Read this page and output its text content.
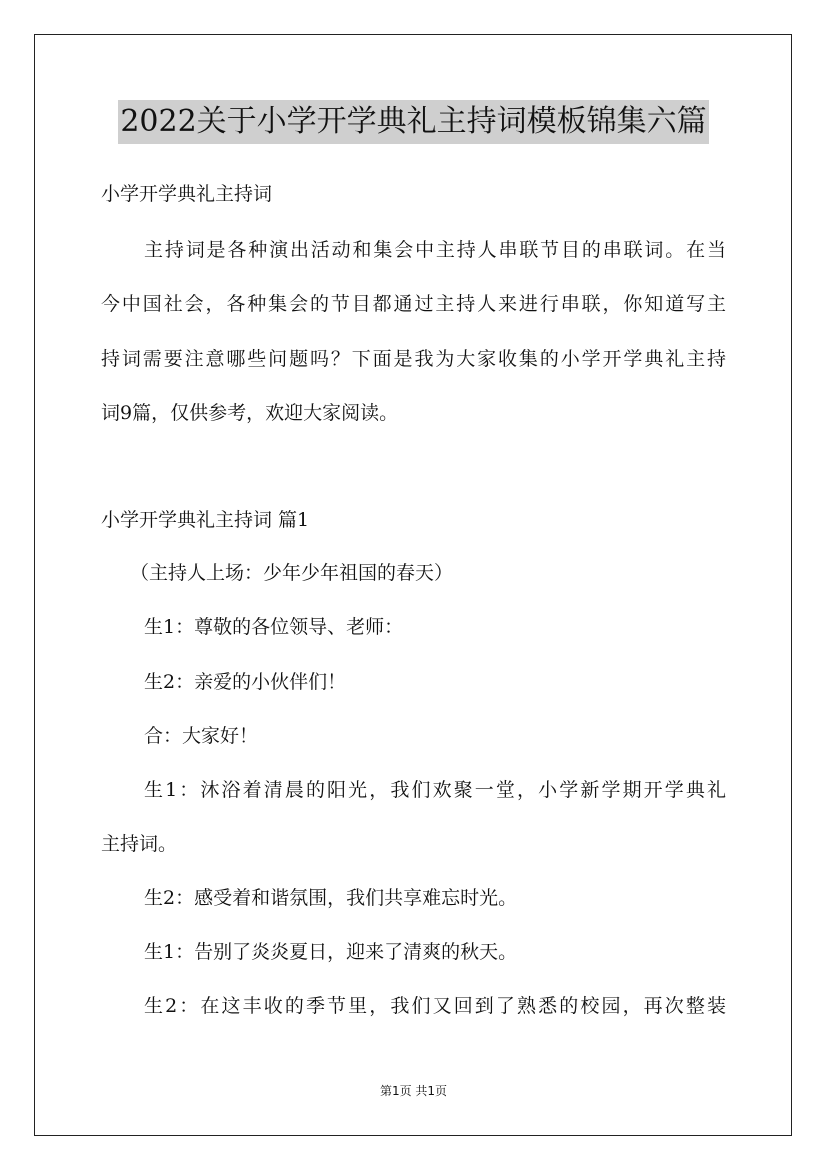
2022关于小学开学典礼主持词模板锦集六篇
小学开学典礼主持词
主持词是各种演出活动和集会中主持人串联节目的串联词。在当
今中国社会，各种集会的节目都通过主持人来进行串联，你知道写主
持词需要注意哪些问题吗？下面是我为大家收集的小学开学典礼主持
词9篇，仅供参考，欢迎大家阅读。
小学开学典礼主持词 篇1
（主持人上场：少年少年祖国的春天）
生1：尊敬的各位领导、老师：
生2：亲爱的小伙伴们！
合：大家好！
生1：沐浴着清晨的阳光，我们欢聚一堂，小学新学期开学典礼
主持词。
生2：感受着和谐氛围，我们共享难忘时光。
生1：告别了炎炎夏日，迎来了清爽的秋天。
生2：在这丰收的季节里，我们又回到了熟悉的校园，再次整装
第1页 共1页
